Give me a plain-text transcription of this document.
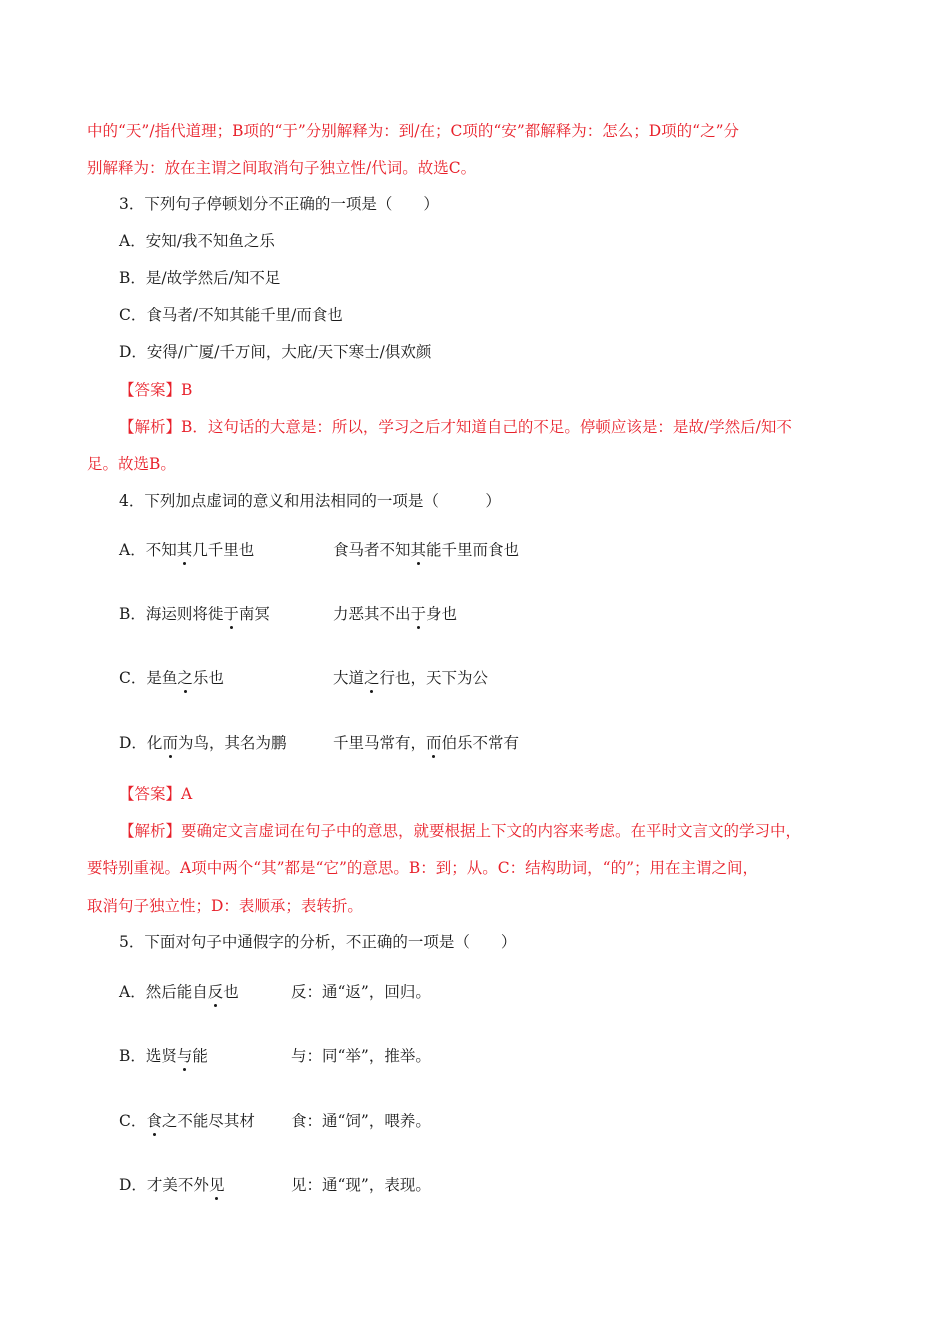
中的“天”/指代道理；B项的“于”分别解释为：到/在；C项的“安”都解释为：怎么；D项的“之”分
别解释为：放在主谓之间取消句子独立性/代词。故选C。
3．下列句子停顿划分不正确的一项是（　　）
A．安知/我不知鱼之乐
B．是/故学然后/知不足
C．食马者/不知其能千里/而食也
D．安得/广厦/千万间，大庇/天下寒士/俱欢颜
【答案】B
【解析】B．这句话的大意是：所以，学习之后才知道自己的不足。停顿应该是：是故/学然后/知不
足。故选B。
4．下列加点虚词的意义和用法相同的一项是（　　　）
A．不知其几千里也	食马者不知其能千里而食也
B．海运则将徙于南冥	力恶其不出于身也
C．是鱼之乐也	大道之行也，天下为公
D．化而为鸟，其名为鹏	千里马常有，而伯乐不常有
【答案】A
【解析】要确定文言虚词在句子中的意思，就要根据上下文的内容来考虑。在平时文言文的学习中，
要特别重视。A项中两个“其”都是“它”的意思。B：到；从。C：结构助词，“的”；用在主谓之间，
取消句子独立性；D：表顺承；表转折。
5．下面对句子中通假字的分析，不正确的一项是（　　）
A．然后能自反也	反：通“返”，回归。
B．选贤与能	与：同“举”，推举。
C．食之不能尽其材 食：通“饲”，喂养。
D．才美不外见	见：通“现”，表现。
